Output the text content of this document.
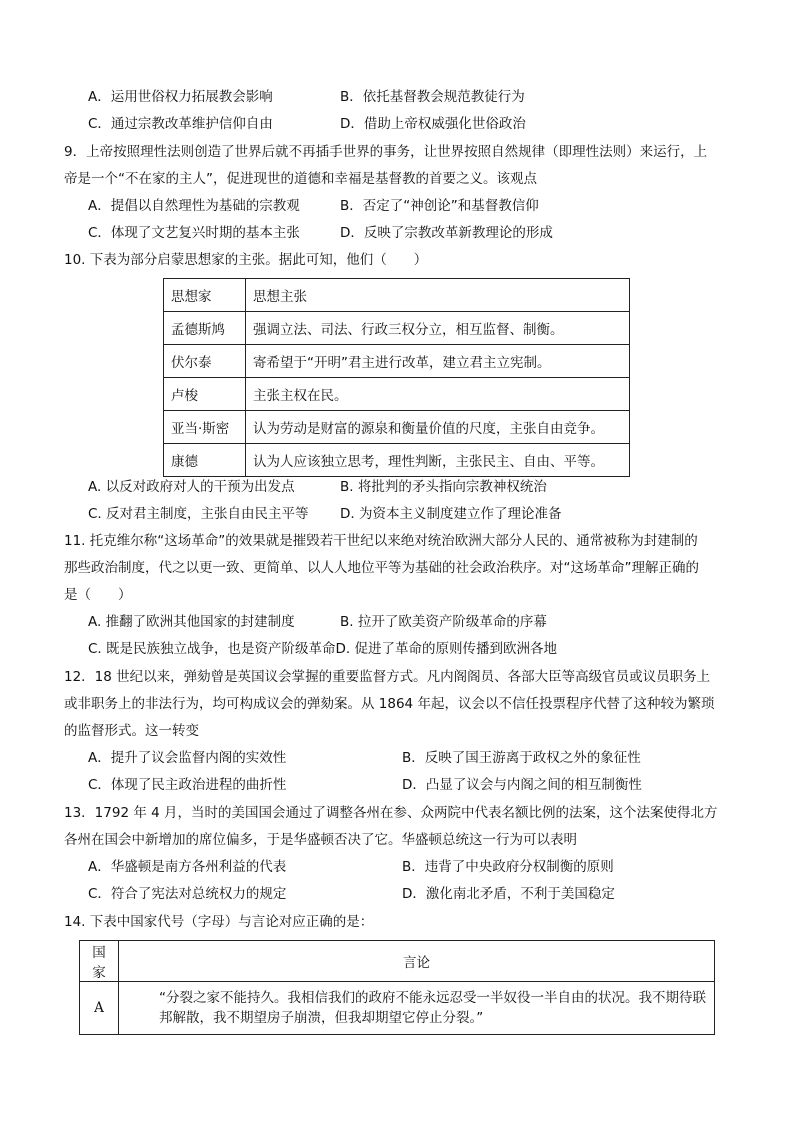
A．运用世俗权力拓展教会影响	B．依托基督教会规范教徒行为
C．通过宗教改革维护信仰自由	D．借助上帝权威强化世俗政治
9．上帝按照理性法则创造了世界后就不再插手世界的事务，让世界按照自然规律（即理性法则）来运行，上
帝是一个“不在家的主人”，促进现世的道德和幸福是基督教的首要之义。该观点
A．提倡以自然理性为基础的宗教观	B．否定了“神创论”和基督教信仰
C．体现了文艺复兴时期的基本主张	D．反映了宗教改革新教理论的形成
10. 下表为部分启蒙思想家的主张。据此可知，他们（　　）
思想家	思想主张
孟德斯鸠	强调立法、司法、行政三权分立，相互监督、制衡。
伏尔泰	寄希望于“开明”君主进行改革，建立君主立宪制。
卢梭	主张主权在民。
亚当·斯密	认为劳动是财富的源泉和衡量价值的尺度，主张自由竞争。
康德	认为人应该独立思考，理性判断，主张民主、自由、平等。
A. 以反对政府对人的干预为出发点	B. 将批判的矛头指向宗教神权统治
C. 反对君主制度，主张自由民主平等 D. 为资本主义制度建立作了理论准备
11. 托克维尔称“这场革命”的效果就是摧毁若干世纪以来绝对统治欧洲大部分人民的、通常被称为封建制的
那些政治制度，代之以更一致、更简单、以人人地位平等为基础的社会政治秩序。对“这场革命”理解正确的
是（　　）
A. 推翻了欧洲其他国家的封建制度	B. 拉开了欧美资产阶级革命的序幕
C. 既是民族独立战争，也是资产阶级革命D. 促进了革命的原则传播到欧洲各地
12．18 世纪以来，弹劾曾是英国议会掌握的重要监督方式。凡内阁阁员、各部大臣等高级官员或议员职务上
或非职务上的非法行为，均可构成议会的弹劾案。从 1864 年起，议会以不信任投票程序代替了这种较为繁琐
的监督形式。这一转变
A．提升了议会监督内阁的实效性	B．反映了国王游离于政权之外的象征性
C．体现了民主政治进程的曲折性	D．凸显了议会与内阁之间的相互制衡性
13．1792 年 4 月，当时的美国国会通过了调整各州在参、众两院中代表名额比例的法案，这个法案使得北方
各州在国会中新增加的席位偏多，于是华盛顿否决了它。华盛顿总统这一行为可以表明
A．华盛顿是南方各州利益的代表	B．违背了中央政府分权制衡的原则
C．符合了宪法对总统权力的规定	D．激化南北矛盾，不利于美国稳定
14. 下表中国家代号（字母）与言论对应正确的是：
国家	言论
A	“分裂之家不能持久。我相信我们的政府不能永远忍受一半奴役一半自由的状况。我不期待联邦解散，我不期望房子崩溃，但我却期望它停止分裂。”
